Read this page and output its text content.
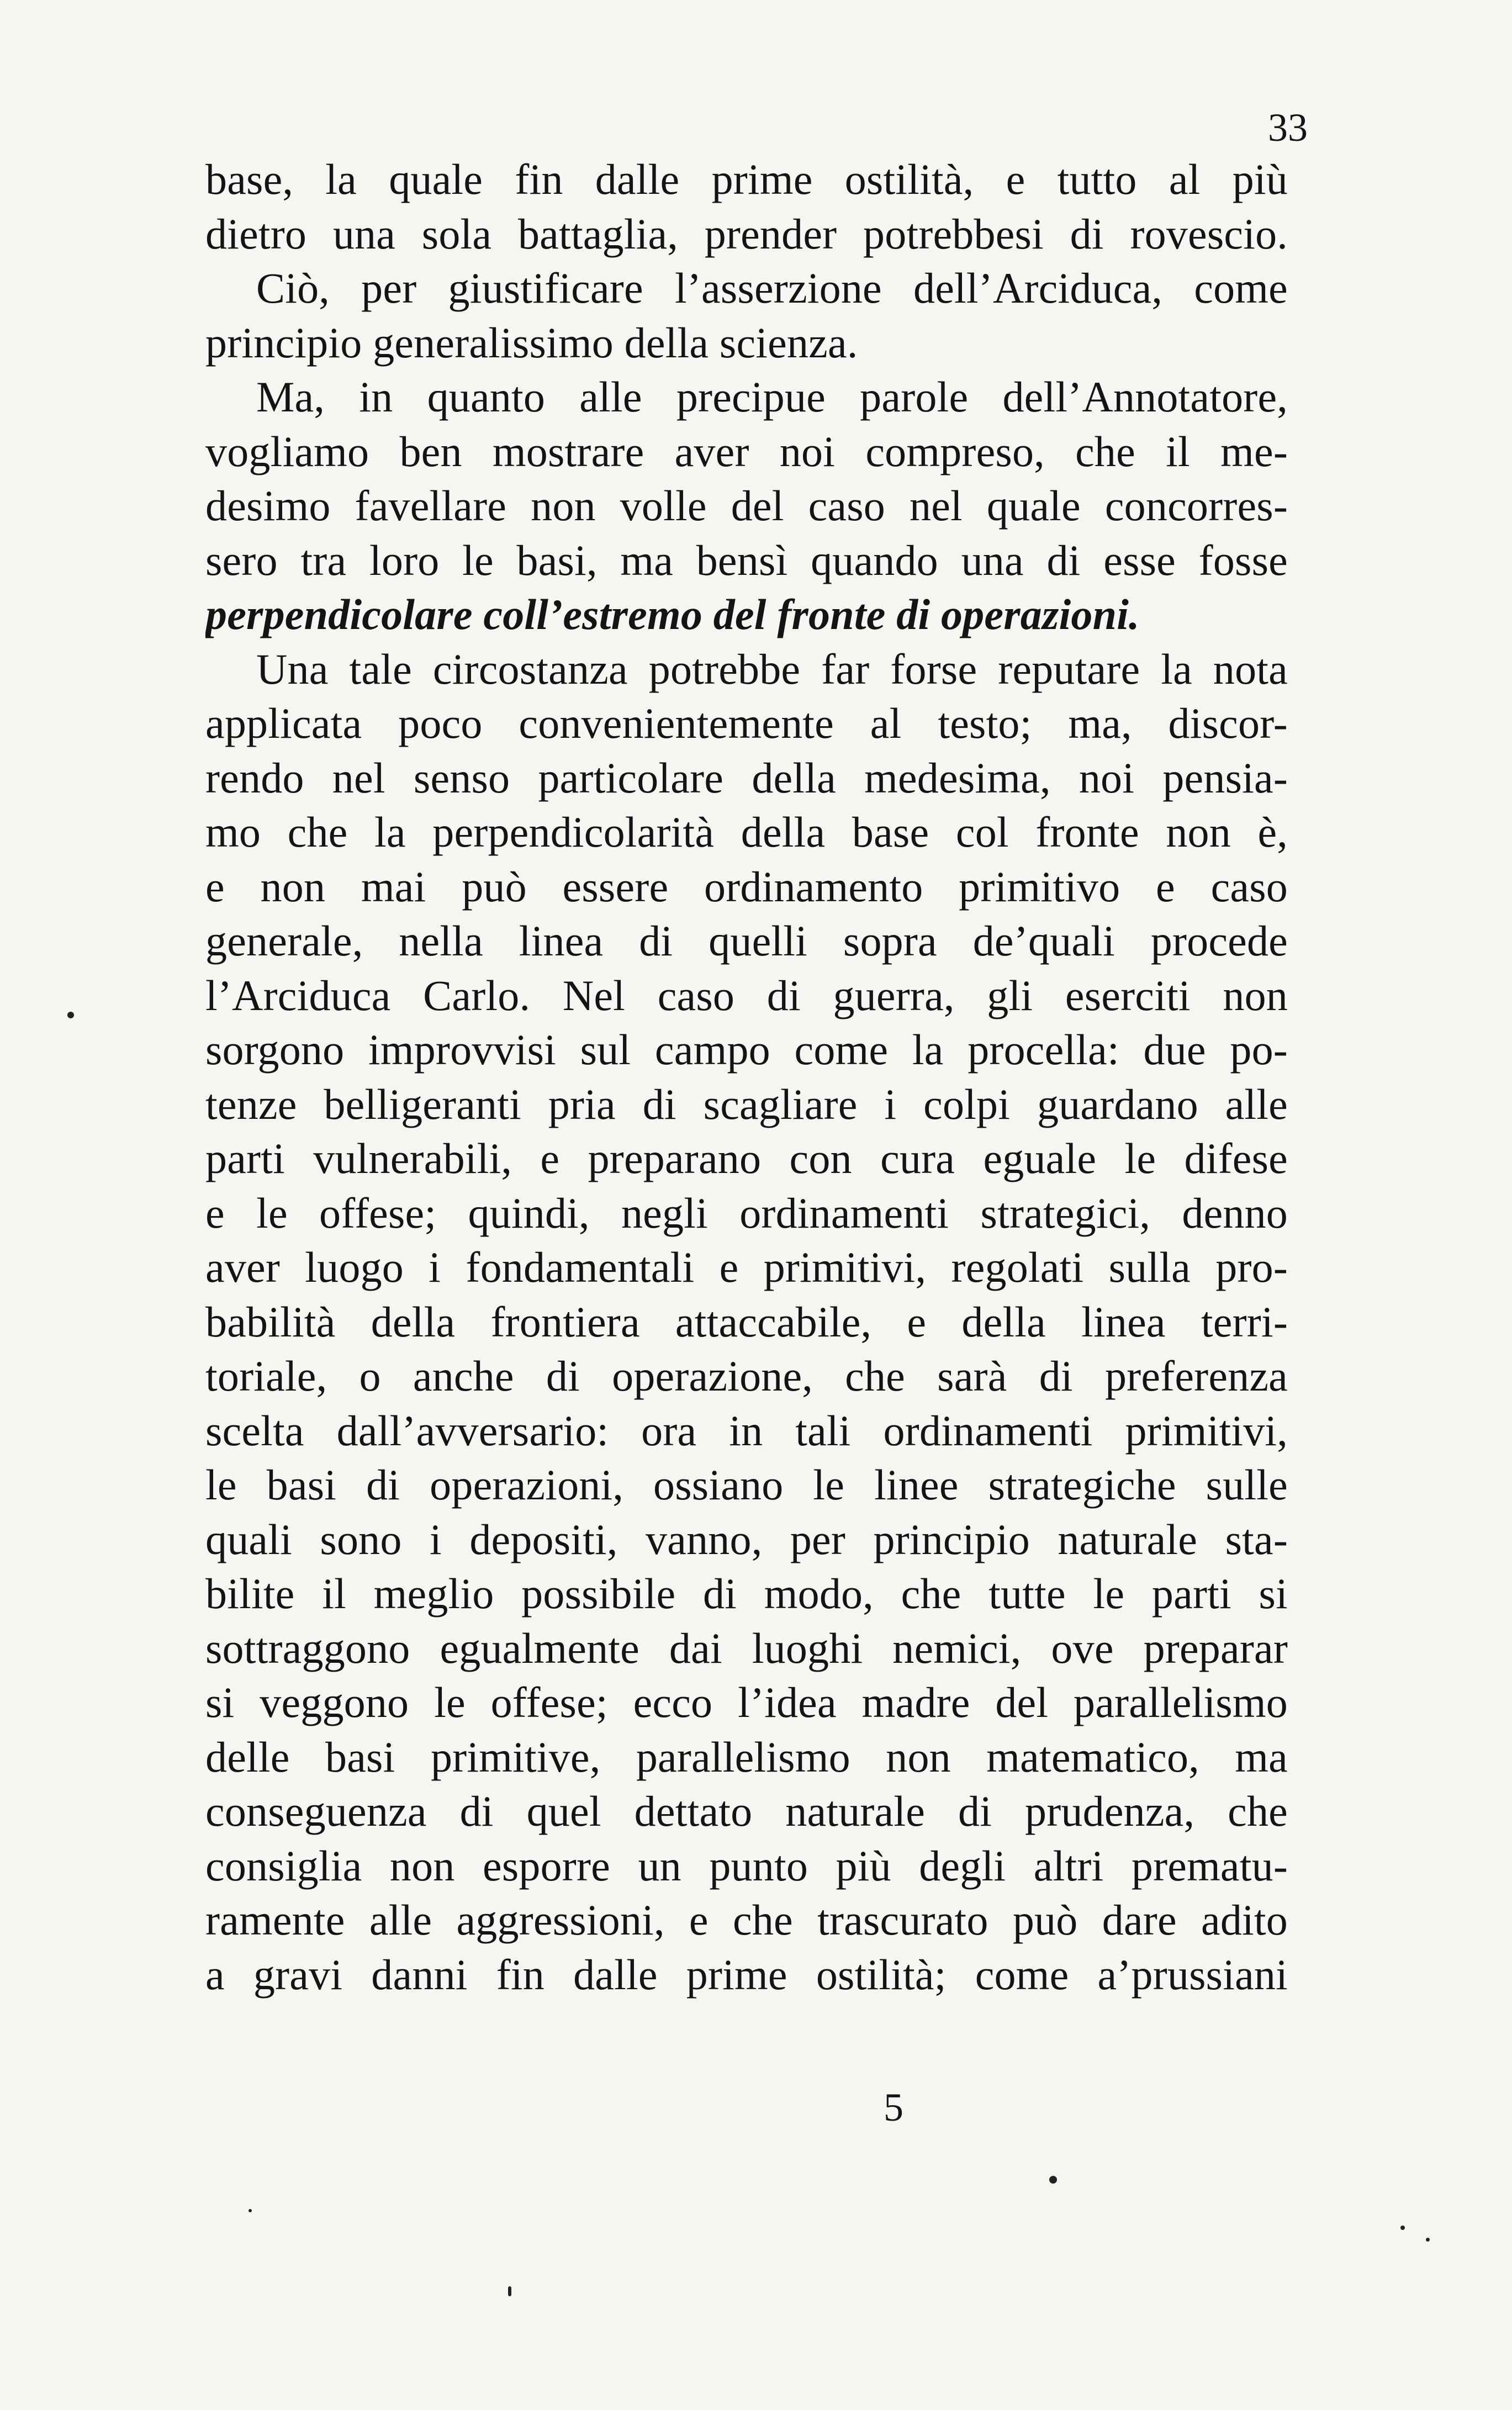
33
base, la quale fin dalle prime ostilità, e tutto al più
dietro una sola battaglia, prender potrebbesi di rovescio.
Ciò, per giustificare l’asserzione dell’Arciduca, come
principio generalissimo della scienza.
Ma, in quanto alle precipue parole dell’Annotatore,
vogliamo ben mostrare aver noi compreso, che il me-
desimo favellare non volle del caso nel quale concorres-
sero tra loro le basi, ma bensì quando una di esse fosse
perpendicolare coll’estremo del fronte di operazioni.
Una tale circostanza potrebbe far forse reputare la nota
applicata poco convenientemente al testo; ma, discor-
rendo nel senso particolare della medesima, noi pensia-
mo che la perpendicolarità della base col fronte non è,
e non mai può essere ordinamento primitivo e caso
generale, nella linea di quelli sopra de’quali procede
l’Arciduca Carlo. Nel caso di guerra, gli eserciti non
sorgono improvvisi sul campo come la procella: due po-
tenze belligeranti pria di scagliare i colpi guardano alle
parti vulnerabili, e preparano con cura eguale le difese
e le offese; quindi, negli ordinamenti strategici, denno
aver luogo i fondamentali e primitivi, regolati sulla pro-
babilità della frontiera attaccabile, e della linea terri-
toriale, o anche di operazione, che sarà di preferenza
scelta dall’avversario: ora in tali ordinamenti primitivi,
le basi di operazioni, ossiano le linee strategiche sulle
quali sono i depositi, vanno, per principio naturale sta-
bilite il meglio possibile di modo, che tutte le parti si
sottraggono egualmente dai luoghi nemici, ove preparar
si veggono le offese; ecco l’idea madre del parallelismo
delle basi primitive, parallelismo non matematico, ma
conseguenza di quel dettato naturale di prudenza, che
consiglia non esporre un punto più degli altri prematu-
ramente alle aggressioni, e che trascurato può dare adito
a gravi danni fin dalle prime ostilità; come a’prussiani
5
